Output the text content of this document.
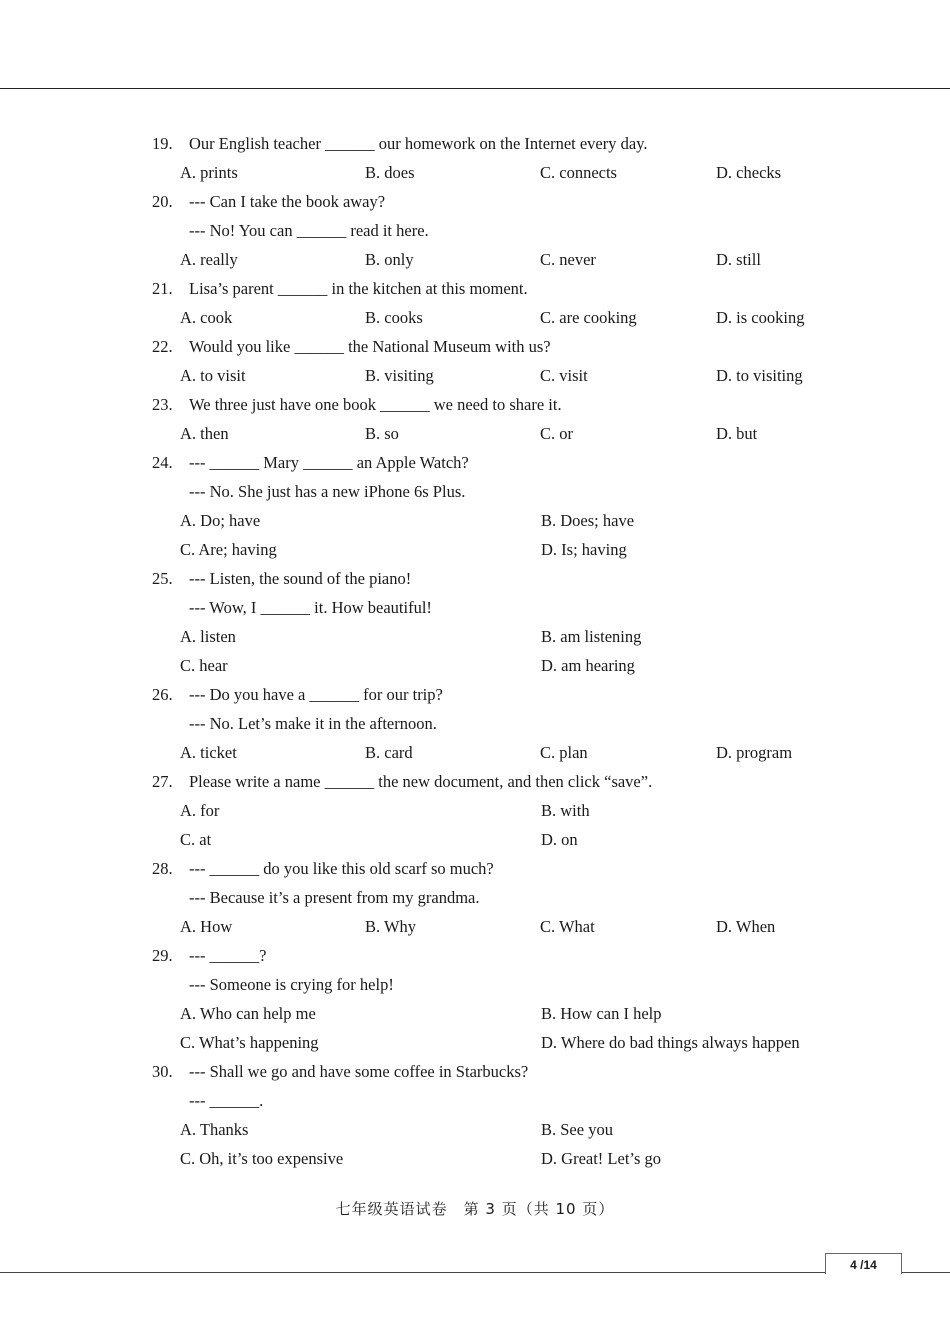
19. Our English teacher ______ our homework on the Internet every day.
A. prints	B. does	C. connects	D. checks
20. --- Can I take the book away?
--- No! You can ______ read it here.
A. really	B. only	C. never	D. still
21. Lisa’s parent ______ in the kitchen at this moment.
A. cook	B. cooks	C. are cooking	D. is cooking
22. Would you like ______ the National Museum with us?
A. to visit	B. visiting	C. visit	D. to visiting
23. We three just have one book ______ we need to share it.
A. then	B. so	C. or	D. but
24. --- ______ Mary ______ an Apple Watch?
--- No. She just has a new iPhone 6s Plus.
A. Do; have	B. Does; have
C. Are; having	D. Is; having
25. --- Listen, the sound of the piano!
--- Wow, I ______ it. How beautiful!
A. listen	B. am listening
C. hear	D. am hearing
26. --- Do you have a ______ for our trip?
--- No. Let’s make it in the afternoon.
A. ticket	B. card	C. plan	D. program
27. Please write a name ______ the new document, and then click “save”.
A. for	B. with
C. at	D. on
28. --- ______ do you like this old scarf so much?
--- Because it’s a present from my grandma.
A. How	B. Why	C. What	D. When
29. --- ______?
--- Someone is crying for help!
A. Who can help me	B. How can I help
C. What’s happening	D. Where do bad things always happen
30. --- Shall we go and have some coffee in Starbucks?
--- ______.
A. Thanks	B. See you
C. Oh, it’s too expensive	D. Great! Let’s go
七年级英语试卷　第 3 页（共 10 页）
4 /14
